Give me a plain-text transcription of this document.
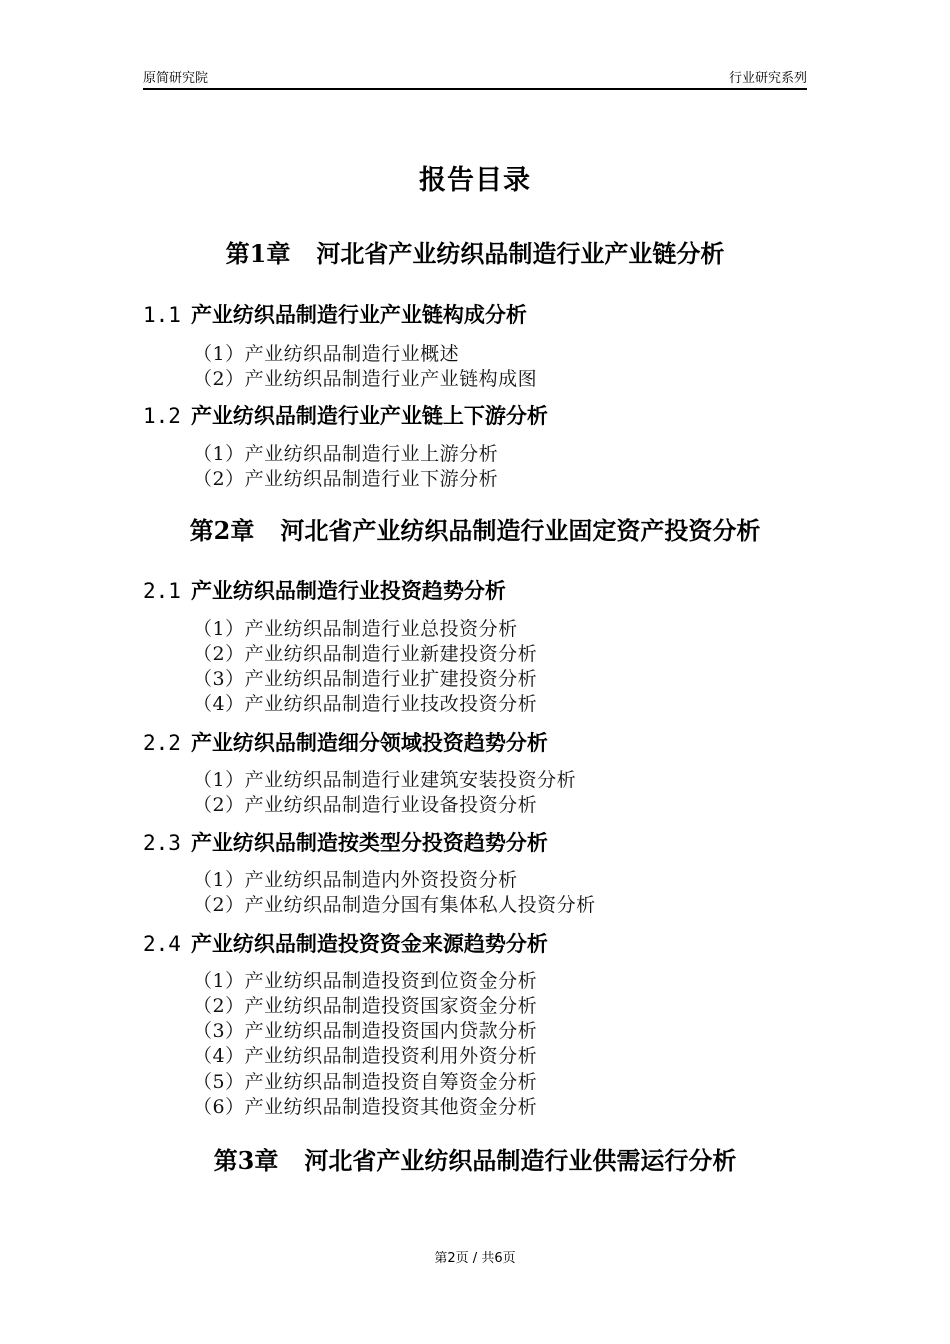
原简研究院	行业研究系列
报告目录
第1章 河北省产业纺织品制造行业产业链分析
1.1 产业纺织品制造行业产业链构成分析
（1）产业纺织品制造行业概述
（2）产业纺织品制造行业产业链构成图
1.2 产业纺织品制造行业产业链上下游分析
（1）产业纺织品制造行业上游分析
（2）产业纺织品制造行业下游分析
第2章 河北省产业纺织品制造行业固定资产投资分析
2.1 产业纺织品制造行业投资趋势分析
（1）产业纺织品制造行业总投资分析
（2）产业纺织品制造行业新建投资分析
（3）产业纺织品制造行业扩建投资分析
（4）产业纺织品制造行业技改投资分析
2.2 产业纺织品制造细分领域投资趋势分析
（1）产业纺织品制造行业建筑安装投资分析
（2）产业纺织品制造行业设备投资分析
2.3 产业纺织品制造按类型分投资趋势分析
（1）产业纺织品制造内外资投资分析
（2）产业纺织品制造分国有集体私人投资分析
2.4 产业纺织品制造投资资金来源趋势分析
（1）产业纺织品制造投资到位资金分析
（2）产业纺织品制造投资国家资金分析
（3）产业纺织品制造投资国内贷款分析
（4）产业纺织品制造投资利用外资分析
（5）产业纺织品制造投资自筹资金分析
（6）产业纺织品制造投资其他资金分析
第3章 河北省产业纺织品制造行业供需运行分析
第2页 / 共6页
